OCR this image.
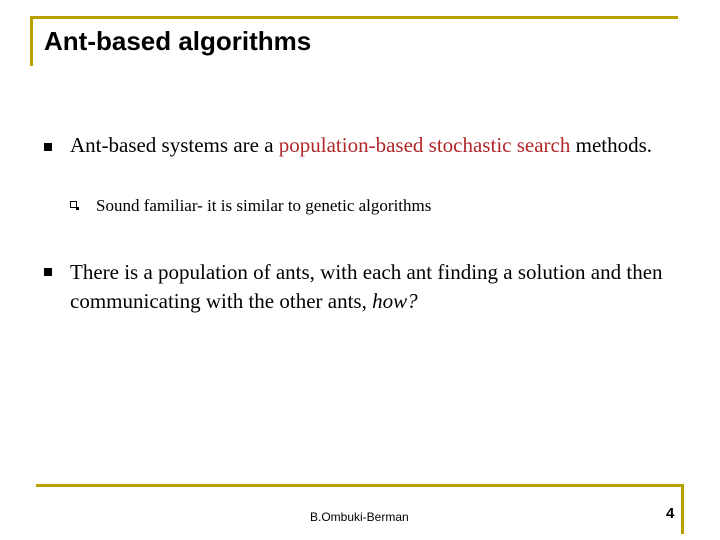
Ant-based algorithms
Ant-based systems are a population-based stochastic search methods.
Sound familiar- it is similar to genetic algorithms
There is a population of ants, with each ant finding a solution and then communicating with the other ants, how?
B.Ombuki-Berman	4
